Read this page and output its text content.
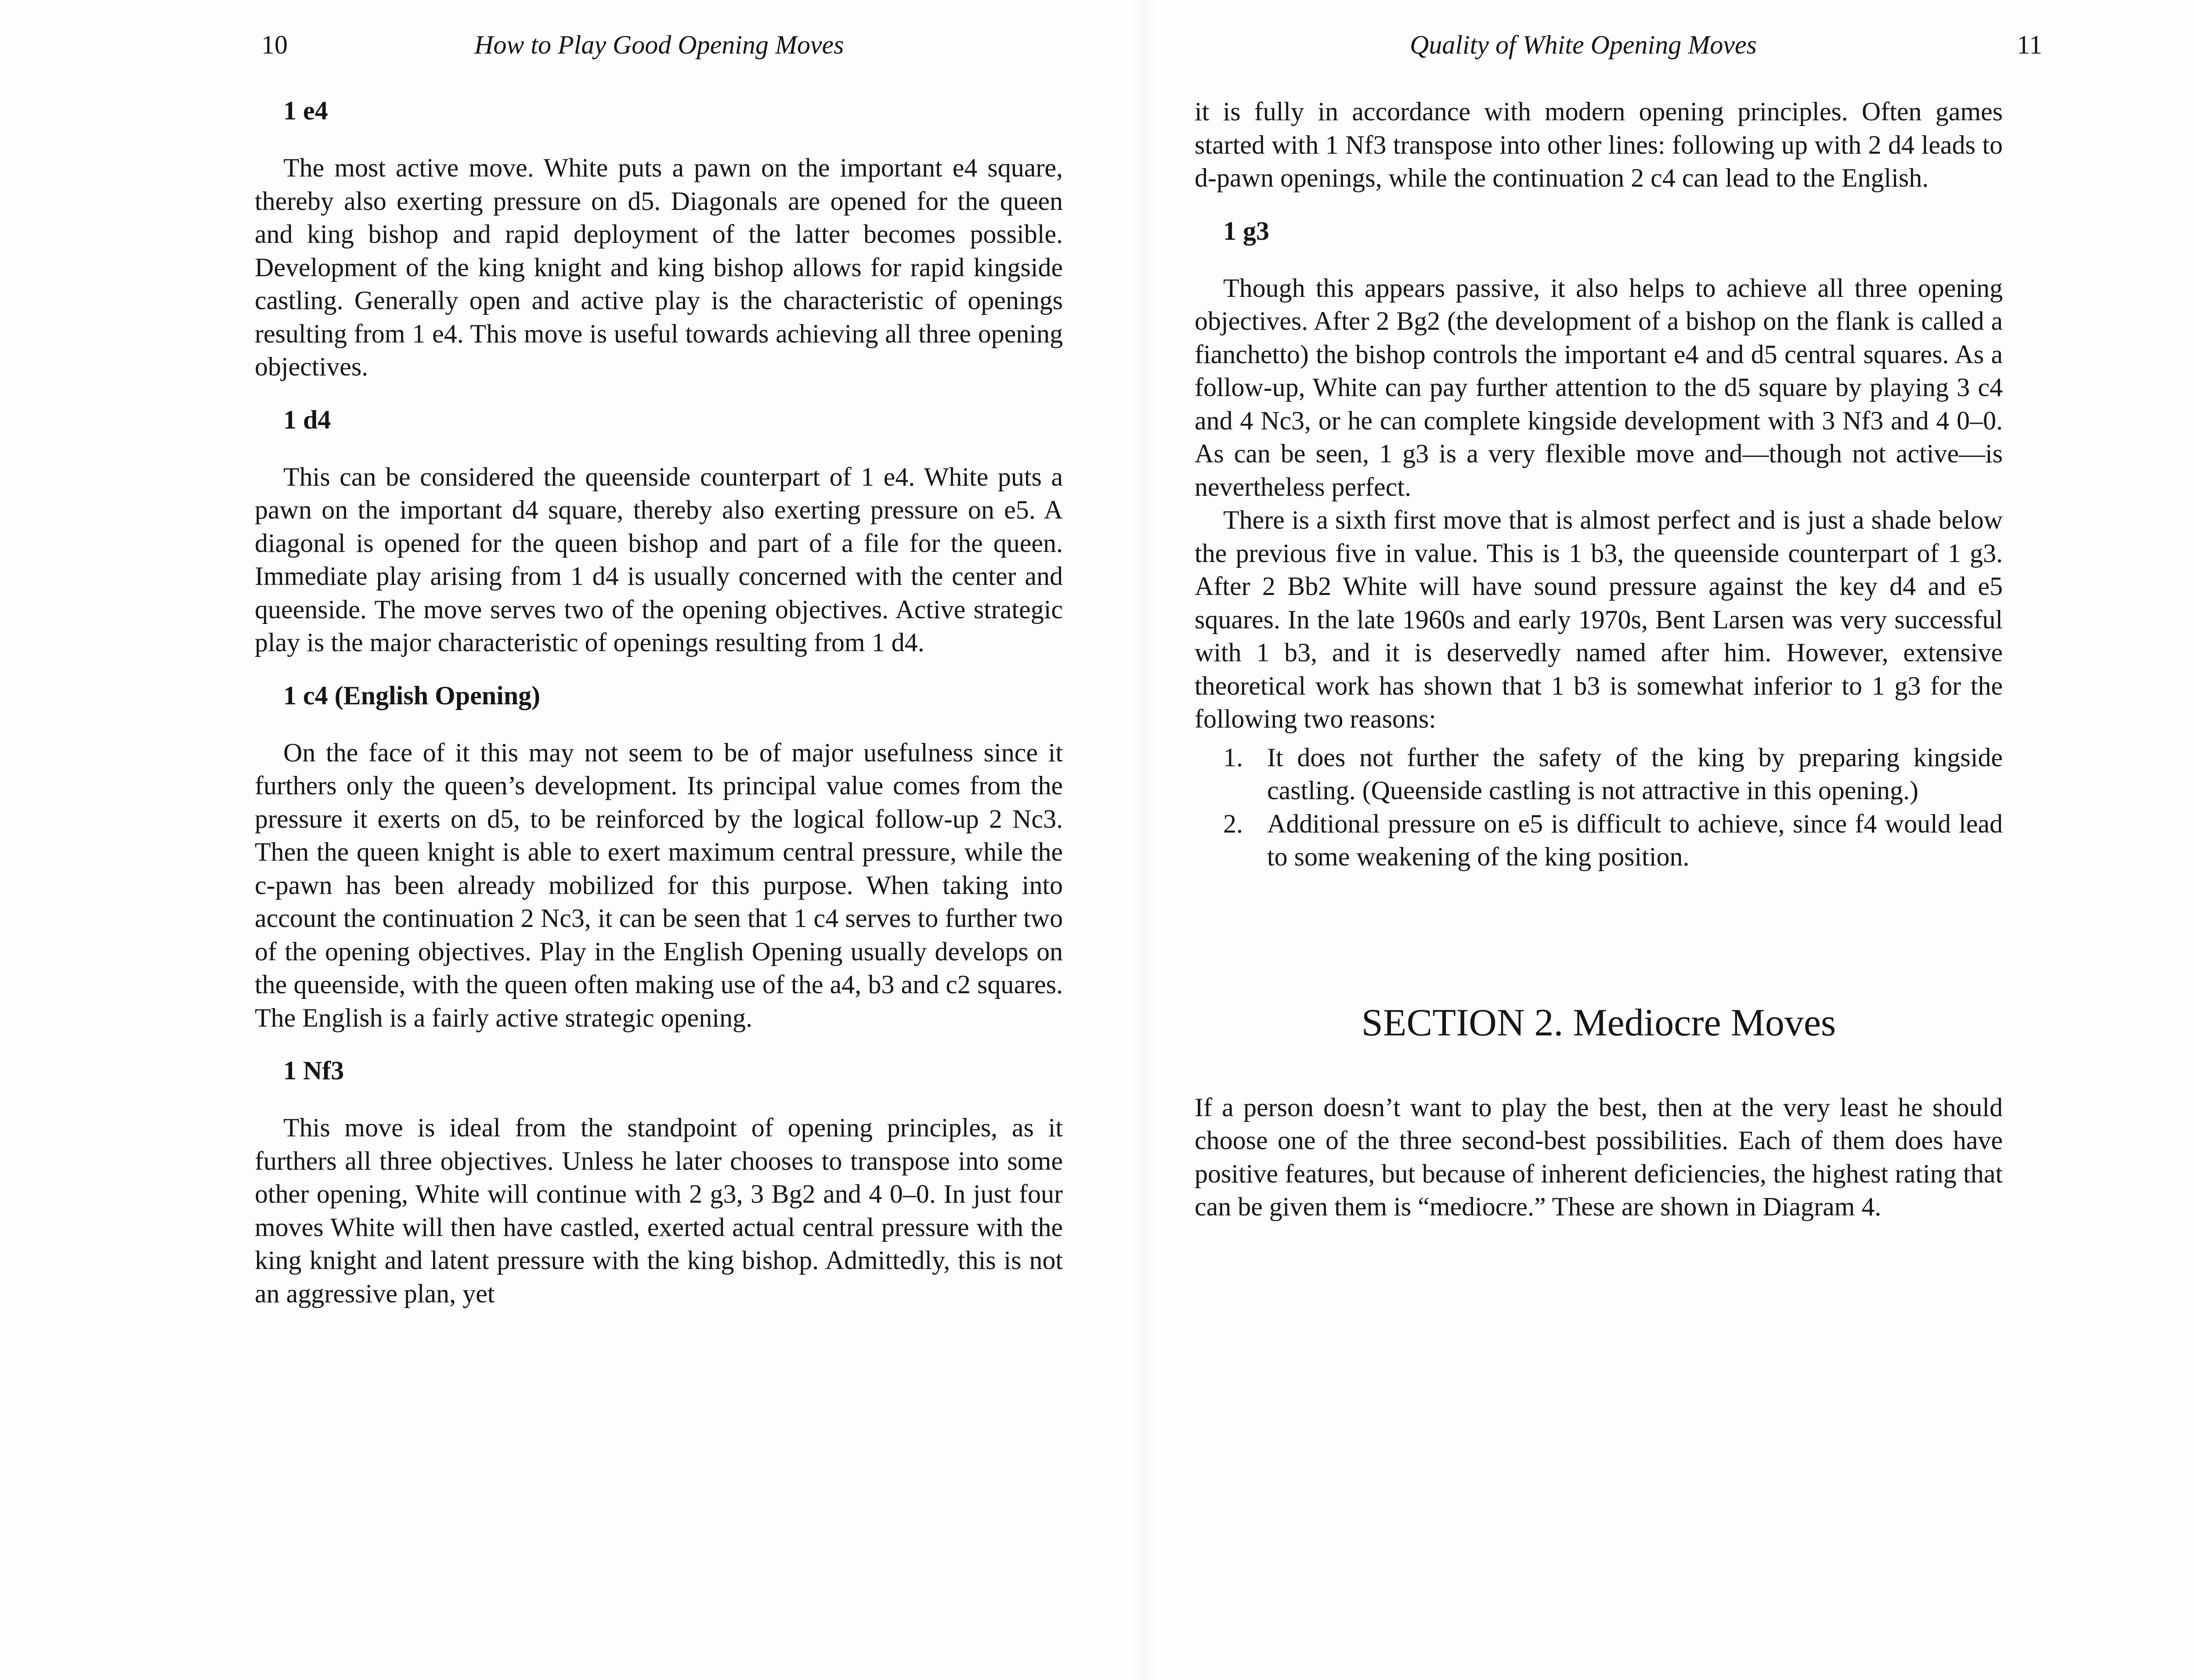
10	How to Play Good Opening Moves
1 e4

The most active move. White puts a pawn on the important e4 square, thereby also exerting pressure on d5. Diagonals are opened for the queen and king bishop and rapid deployment of the latter becomes possible. Development of the king knight and king bishop allows for rapid kingside castling. Generally open and active play is the characteristic of openings resulting from 1 e4. This move is useful towards achieving all three opening objectives.

1 d4

This can be considered the queenside counterpart of 1 e4. White puts a pawn on the important d4 square, thereby also exerting pressure on e5. A diagonal is opened for the queen bishop and part of a file for the queen. Immediate play arising from 1 d4 is usually concerned with the center and queenside. The move serves two of the opening objectives. Active strategic play is the major characteristic of openings resulting from 1 d4.

1 c4 (English Opening)

On the face of it this may not seem to be of major usefulness since it furthers only the queen’s development. Its principal value comes from the pressure it exerts on d5, to be reinforced by the logical follow-up 2 Nc3. Then the queen knight is able to exert maximum central pressure, while the c-pawn has been already mobilized for this purpose. When taking into account the continuation 2 Nc3, it can be seen that 1 c4 serves to further two of the opening objectives. Play in the English Opening usually develops on the queenside, with the queen often making use of the a4, b3 and c2 squares. The English is a fairly active strategic opening.

1 Nf3

This move is ideal from the standpoint of opening principles, as it furthers all three objectives. Unless he later chooses to transpose into some other opening, White will continue with 2 g3, 3 Bg2 and 4 0–0. In just four moves White will then have castled, exerted actual central pressure with the king knight and latent pressure with the king bishop. Admittedly, this is not an aggressive plan, yet

Quality of White Opening Moves	11

it is fully in accordance with modern opening principles. Often games started with 1 Nf3 transpose into other lines: following up with 2 d4 leads to d-pawn openings, while the continuation 2 c4 can lead to the English.

1 g3

Though this appears passive, it also helps to achieve all three opening objectives. After 2 Bg2 (the development of a bishop on the flank is called a fianchetto) the bishop controls the important e4 and d5 central squares. As a follow-up, White can pay further attention to the d5 square by playing 3 c4 and 4 Nc3, or he can complete kingside development with 3 Nf3 and 4 0–0. As can be seen, 1 g3 is a very flexible move and—though not active—is nevertheless perfect.

There is a sixth first move that is almost perfect and is just a shade below the previous five in value. This is 1 b3, the queenside counterpart of 1 g3. After 2 Bb2 White will have sound pressure against the key d4 and e5 squares. In the late 1960s and early 1970s, Bent Larsen was very successful with 1 b3, and it is deservedly named after him. However, extensive theoretical work has shown that 1 b3 is somewhat inferior to 1 g3 for the following two reasons:

1. It does not further the safety of the king by preparing kingside castling. (Queenside castling is not attractive in this opening.)
2. Additional pressure on e5 is difficult to achieve, since f4 would lead to some weakening of the king position.
SECTION 2. Mediocre Moves

If a person doesn’t want to play the best, then at the very least he should choose one of the three second-best possibilities. Each of them does have positive features, but because of inherent deficiencies, the highest rating that can be given them is “mediocre.” These are shown in Diagram 4.
